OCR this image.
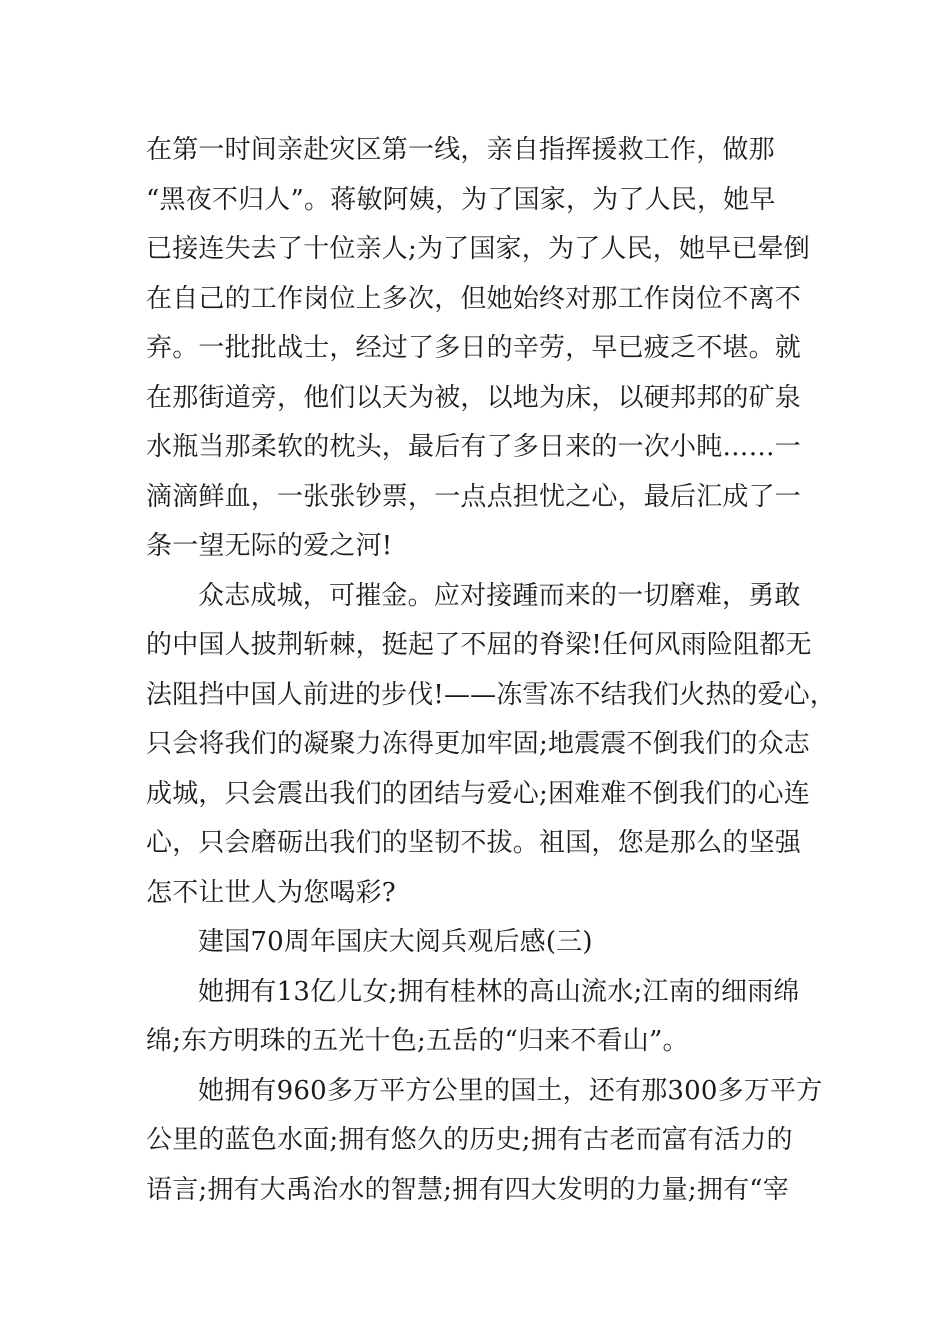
在第一时间亲赴灾区第一线，亲自指挥援救工作，做那
“黑夜不归人”。蒋敏阿姨，为了国家，为了人民，她早
已接连失去了十位亲人;为了国家，为了人民，她早已晕倒
在自己的工作岗位上多次，但她始终对那工作岗位不离不
弃。一批批战士，经过了多日的辛劳，早已疲乏不堪。就
在那街道旁，他们以天为被，以地为床，以硬邦邦的矿泉
水瓶当那柔软的枕头，最后有了多日来的一次小盹……一
滴滴鲜血，一张张钞票，一点点担忧之心，最后汇成了一
条一望无际的爱之河!
众志成城，可摧金。应对接踵而来的一切磨难，勇敢
的中国人披荆斩棘，挺起了不屈的脊梁!任何风雨险阻都无
法阻挡中国人前进的步伐!——冻雪冻不结我们火热的爱心，
只会将我们的凝聚力冻得更加牢固;地震震不倒我们的众志
成城，只会震出我们的团结与爱心;困难难不倒我们的心连
心，只会磨砺出我们的坚韧不拔。祖国，您是那么的坚强
怎不让世人为您喝彩?
建国70周年国庆大阅兵观后感(三)
她拥有13亿儿女;拥有桂林的高山流水;江南的细雨绵
绵;东方明珠的五光十色;五岳的“归来不看山”。
她拥有960多万平方公里的国土，还有那300多万平方
公里的蓝色水面;拥有悠久的历史;拥有古老而富有活力的
语言;拥有大禹治水的智慧;拥有四大发明的力量;拥有“宰
